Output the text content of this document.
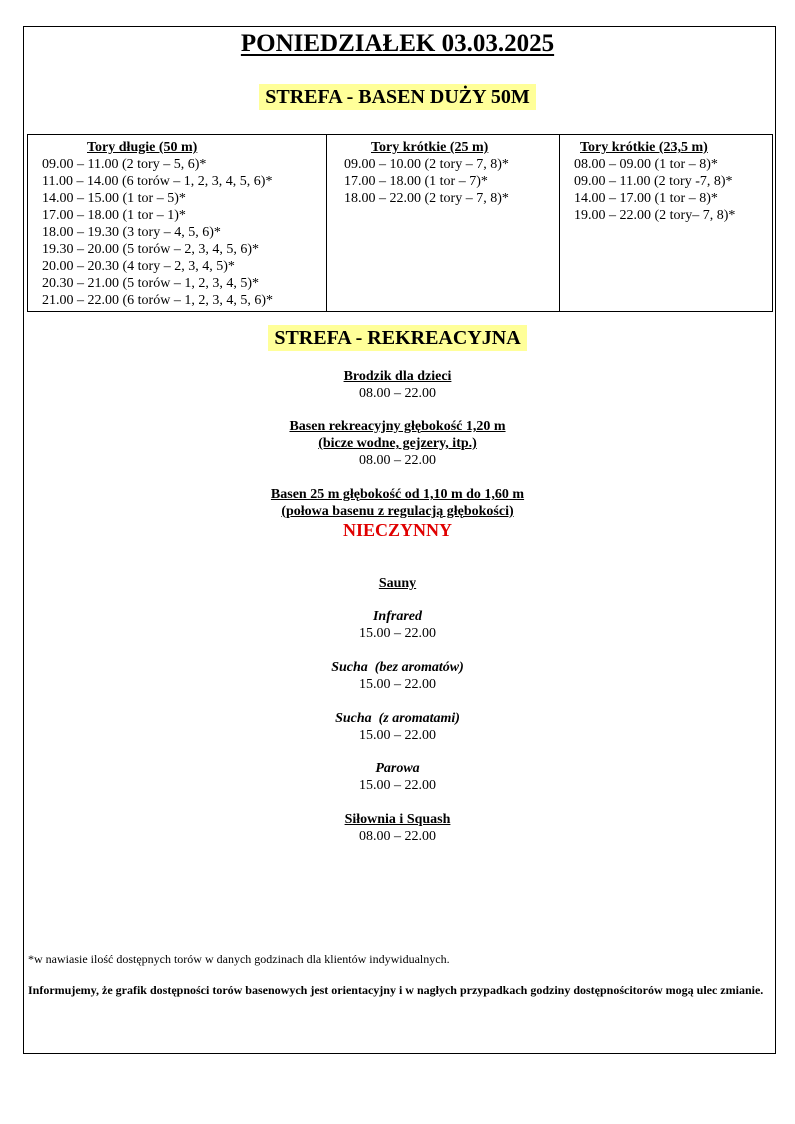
PONIEDZIAŁEK 03.03.2025
STREFA - BASEN DUŻY 50M
Tory długie (50 m)
09.00 – 11.00 (2 tory – 5, 6)*
11.00 – 14.00 (6 torów – 1, 2, 3, 4, 5, 6)*
14.00 – 15.00 (1 tor – 5)*
17.00 – 18.00 (1 tor – 1)*
18.00 – 19.30 (3 tory – 4, 5, 6)*
19.30 – 20.00 (5 torów – 2, 3, 4, 5, 6)*
20.00 – 20.30 (4 tory – 2, 3, 4, 5)*
20.30 – 21.00 (5 torów – 1, 2, 3, 4, 5)*
21.00 – 22.00 (6 torów – 1, 2, 3, 4, 5, 6)*
Tory krótkie (25 m)
09.00 – 10.00 (2 tory – 7, 8)*
17.00 – 18.00 (1 tor – 7)*
18.00 – 22.00 (2 tory – 7, 8)*
Tory krótkie (23,5 m)
08.00 – 09.00 (1 tor – 8)*
09.00 – 11.00 (2 tory -7, 8)*
14.00 – 17.00 (1 tor – 8)*
19.00 – 22.00 (2 tory– 7, 8)*
STREFA - REKREACYJNA
Brodzik dla dzieci
08.00 – 22.00
Basen rekreacyjny głębokość 1,20 m
(bicze wodne, gejzery, itp.)
08.00 – 22.00
Basen 25 m głębokość od 1,10 m do 1,60 m
(połowa basenu z regulacją głębokości)
NIECZYNNY
Sauny
Infrared
15.00 – 22.00
Sucha  (bez aromatów)
15.00 – 22.00
Sucha  (z aromatami)
15.00 – 22.00
Parowa
15.00 – 22.00
Siłownia i Squash
08.00 – 22.00
*w nawiasie ilość dostępnych torów w danych godzinach dla klientów indywidualnych.
Informujemy, że grafik dostępności torów basenowych jest orientacyjny i w nagłych przypadkach godziny dostępnościtorów mogą ulec zmianie.
